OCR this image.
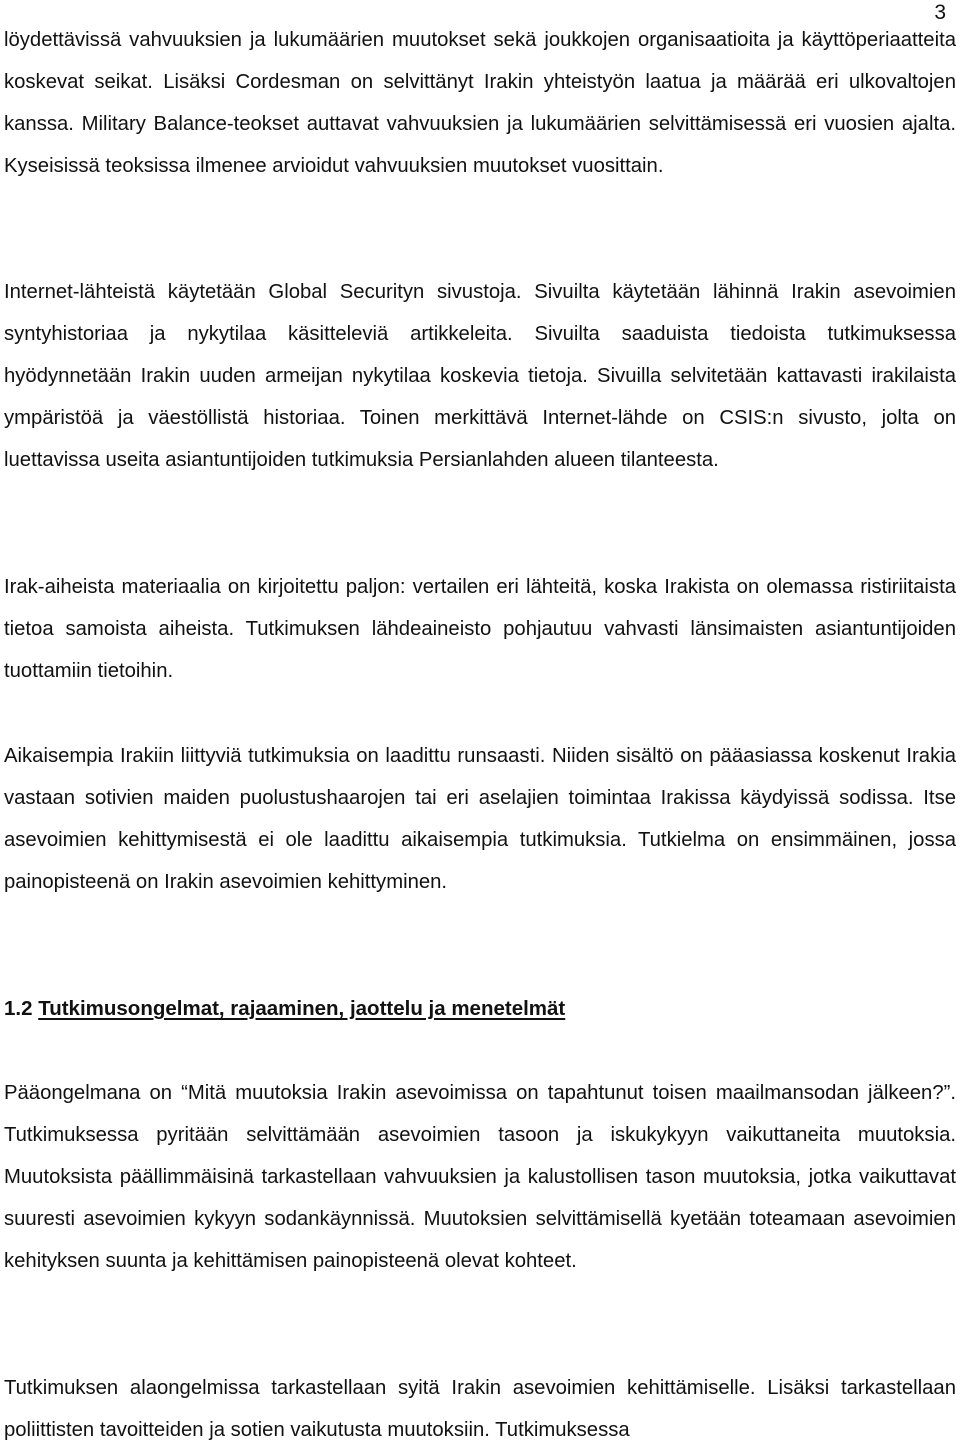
3

löydettävissä vahvuuksien ja lukumäärien muutokset sekä joukkojen organisaatioita ja käyttöperiaatteita koskevat seikat. Lisäksi Cordesman on selvittänyt Irakin yhteistyön laatua ja määrää eri ulkovaltojen kanssa. Military Balance-teokset auttavat vahvuuksien ja lukumäärien selvittämisessä eri vuosien ajalta. Kyseisissä teoksissa ilmenee arvioidut vahvuuksien muutokset vuosittain.

Internet-lähteistä käytetään Global Securityn sivustoja. Sivuilta käytetään lähinnä Irakin asevoimien syntyhistoriaa ja nykytilaa käsitteleviä artikkeleita. Sivuilta saaduista tiedoista tutkimuksessa hyödynnetään Irakin uuden armeijan nykytilaa koskevia tietoja. Sivuilla selvitetään kattavasti irakilaista ympäristöä ja väestöllistä historiaa. Toinen merkittävä Internet-lähde on CSIS:n sivusto, jolta on luettavissa useita asiantuntijoiden tutkimuksia Persianlahden alueen tilanteesta.

Irak-aiheista materiaalia on kirjoitettu paljon: vertailen eri lähteitä, koska Irakista on olemassa ristiriitaista tietoa samoista aiheista. Tutkimuksen lähdeaineisto pohjautuu vahvasti länsimaisten asiantuntijoiden tuottamiin tietoihin.

Aikaisempia Irakiin liittyviä tutkimuksia on laadittu runsaasti. Niiden sisältö on pääasiassa koskenut Irakia vastaan sotivien maiden puolustushaarojen tai eri aselajien toimintaa Irakissa käydyissä sodissa. Itse asevoimien kehittymisestä ei ole laadittu aikaisempia tutkimuksia. Tutkielma on ensimmäinen, jossa painopisteenä on Irakin asevoimien kehittyminen.

1.2 Tutkimusongelmat, rajaaminen, jaottelu ja menetelmät

Pääongelmana on “Mitä muutoksia Irakin asevoimissa on tapahtunut toisen maailmansodan jälkeen?”. Tutkimuksessa pyritään selvittämään asevoimien tasoon ja iskukykyyn vaikuttaneita muutoksia. Muutoksista päällimmäisinä tarkastellaan vahvuuksien ja kalustollisen tason muutoksia, jotka vaikuttavat suuresti asevoimien kykyyn sodankäynnissä. Muutoksien selvittämisellä kyetään toteamaan asevoimien kehityksen suunta ja kehittämisen painopisteenä olevat kohteet.

Tutkimuksen alaongelmissa tarkastellaan syitä Irakin asevoimien kehittämiselle. Lisäksi tarkastellaan poliittisten tavoitteiden ja sotien vaikutusta muutoksiin. Tutkimuksessa
